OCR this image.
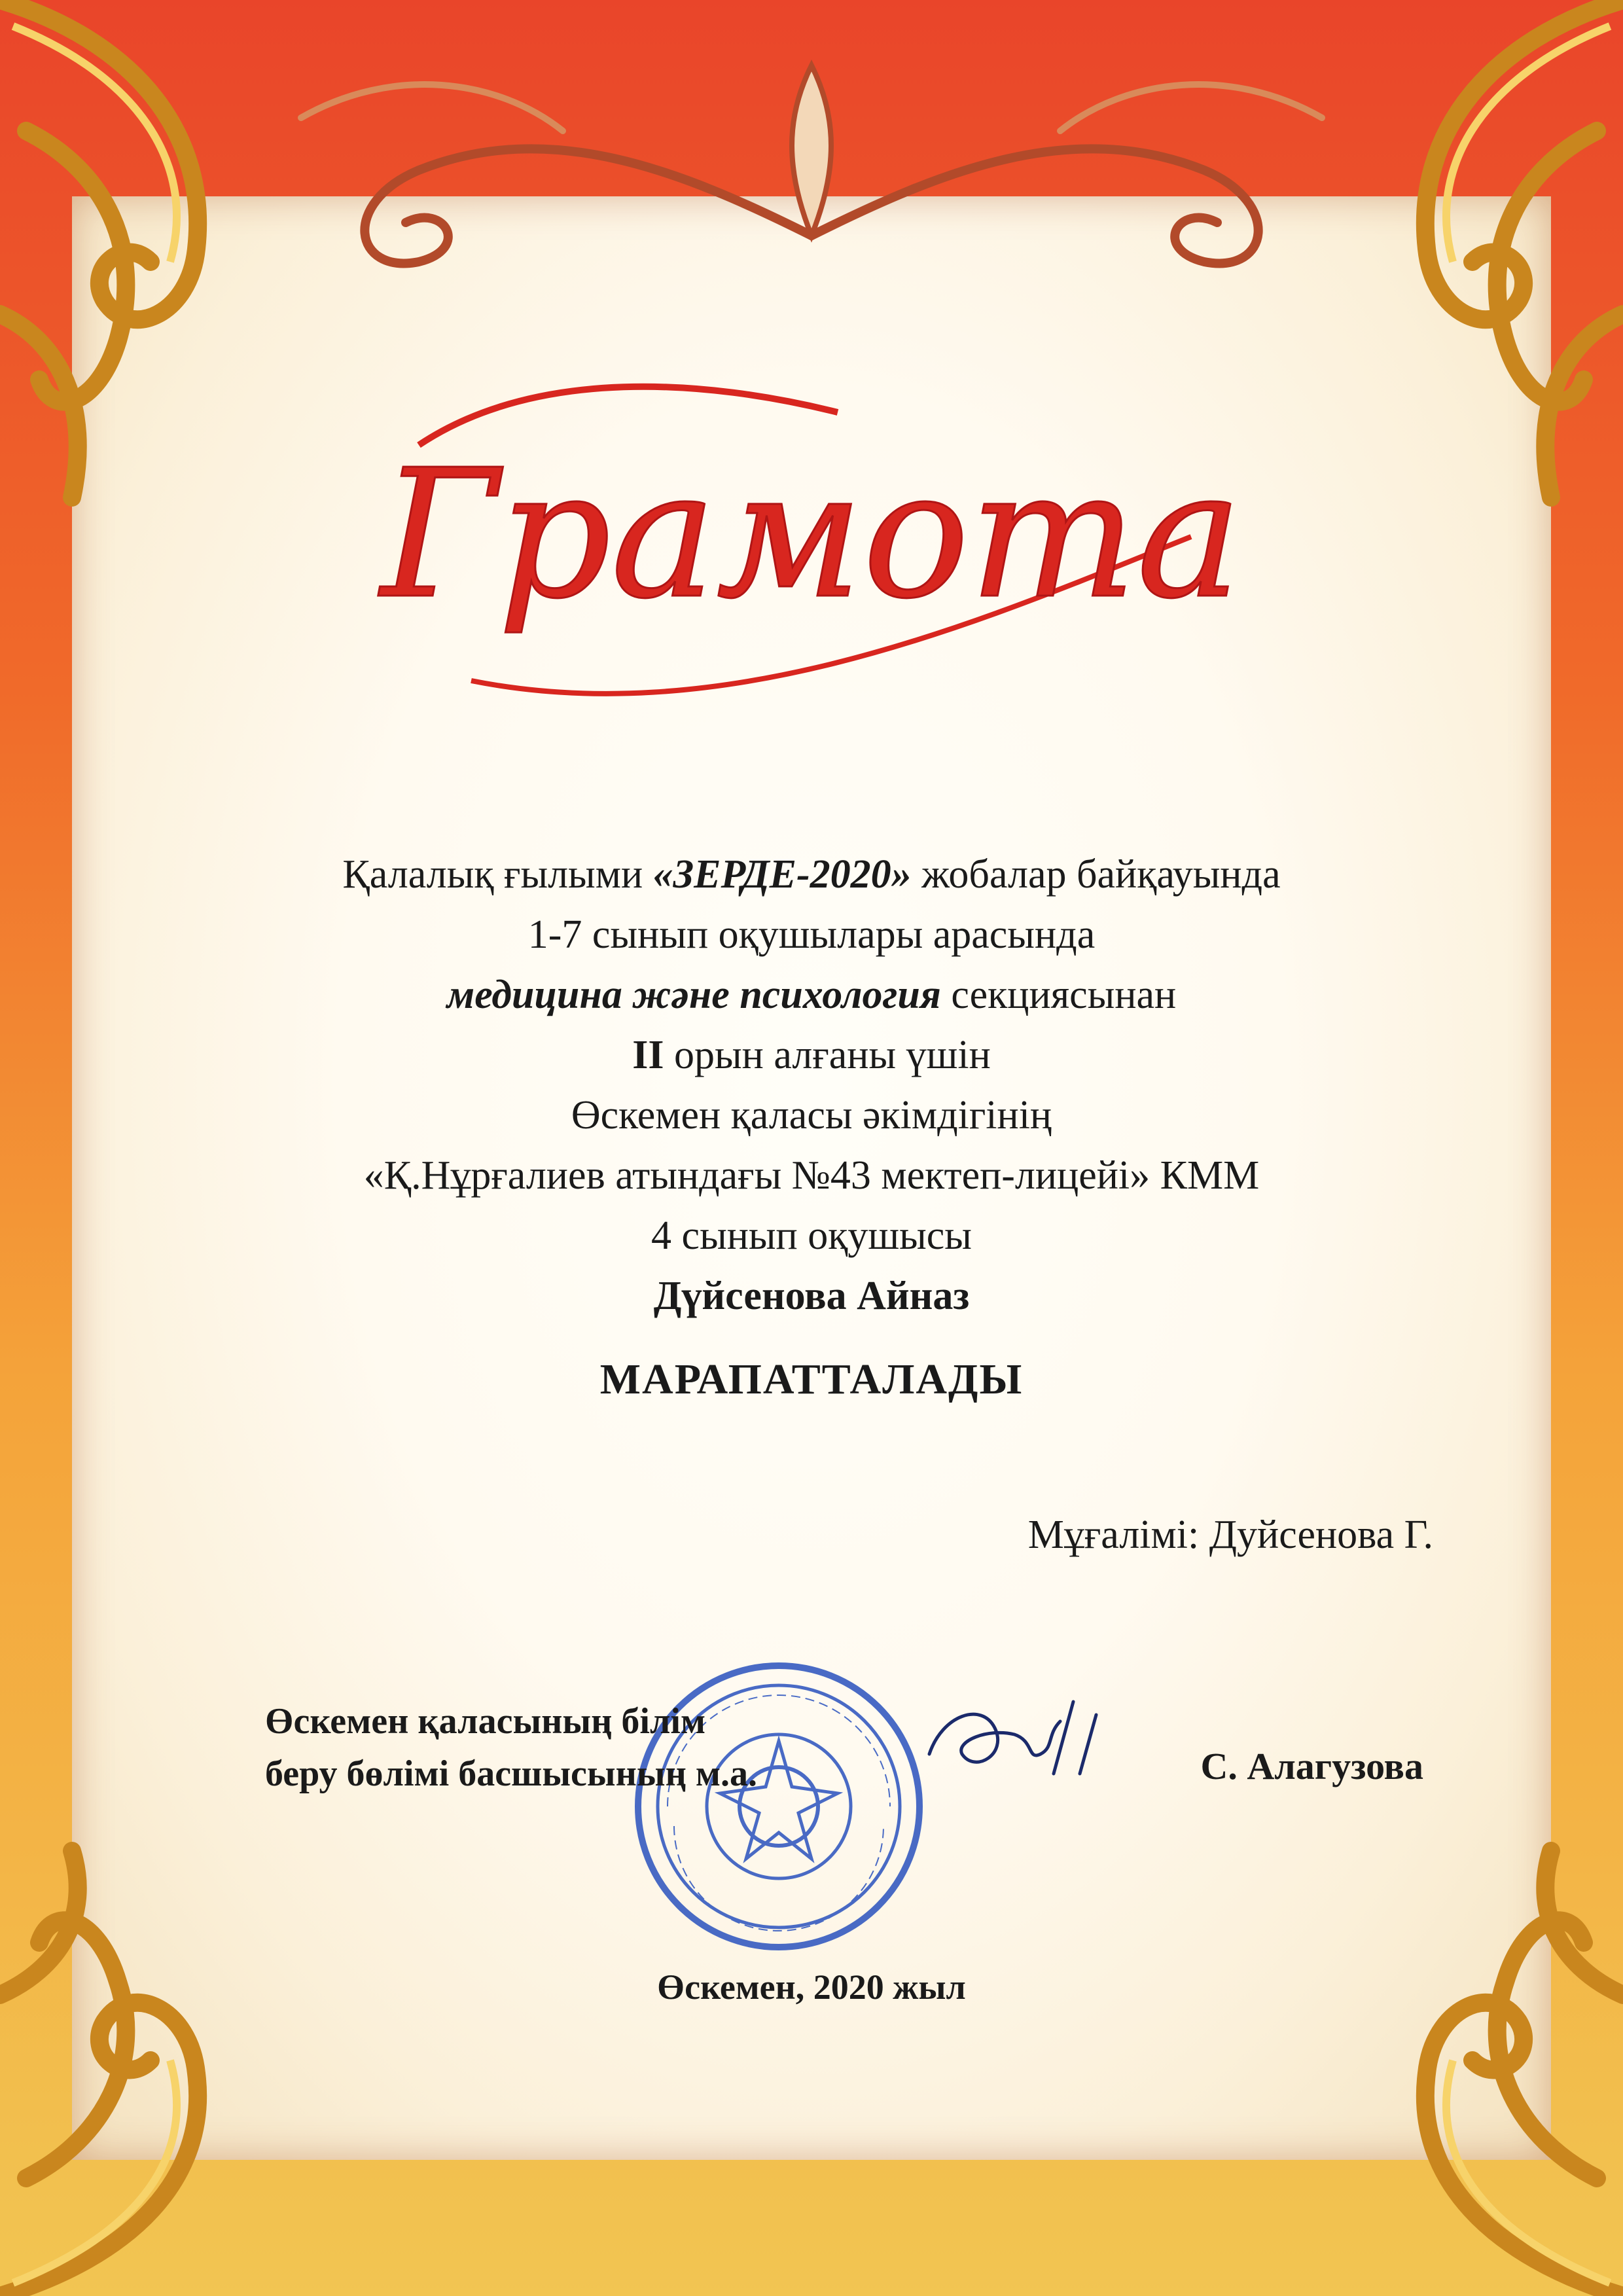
Грамота
Қалалық ғылыми «ЗЕРДЕ-2020» жобалар байқауында
1-7 сынып оқушылары арасында
медицина және психология секциясынан
ІІ орын алғаны үшін
Өскемен қаласы әкімдігінің
«Қ.Нұрғалиев атындағы №43 мектеп-лицейі» КММ
4 сынып оқушысы
Дүйсенова Айназ
МАРАПАТТАЛАДЫ
Мұғалімі: Дуйсенова Г.
Өскемен қаласының білім
беру бөлімі басшысының м.а.	С. Алагузова
Өскемен, 2020 жыл
